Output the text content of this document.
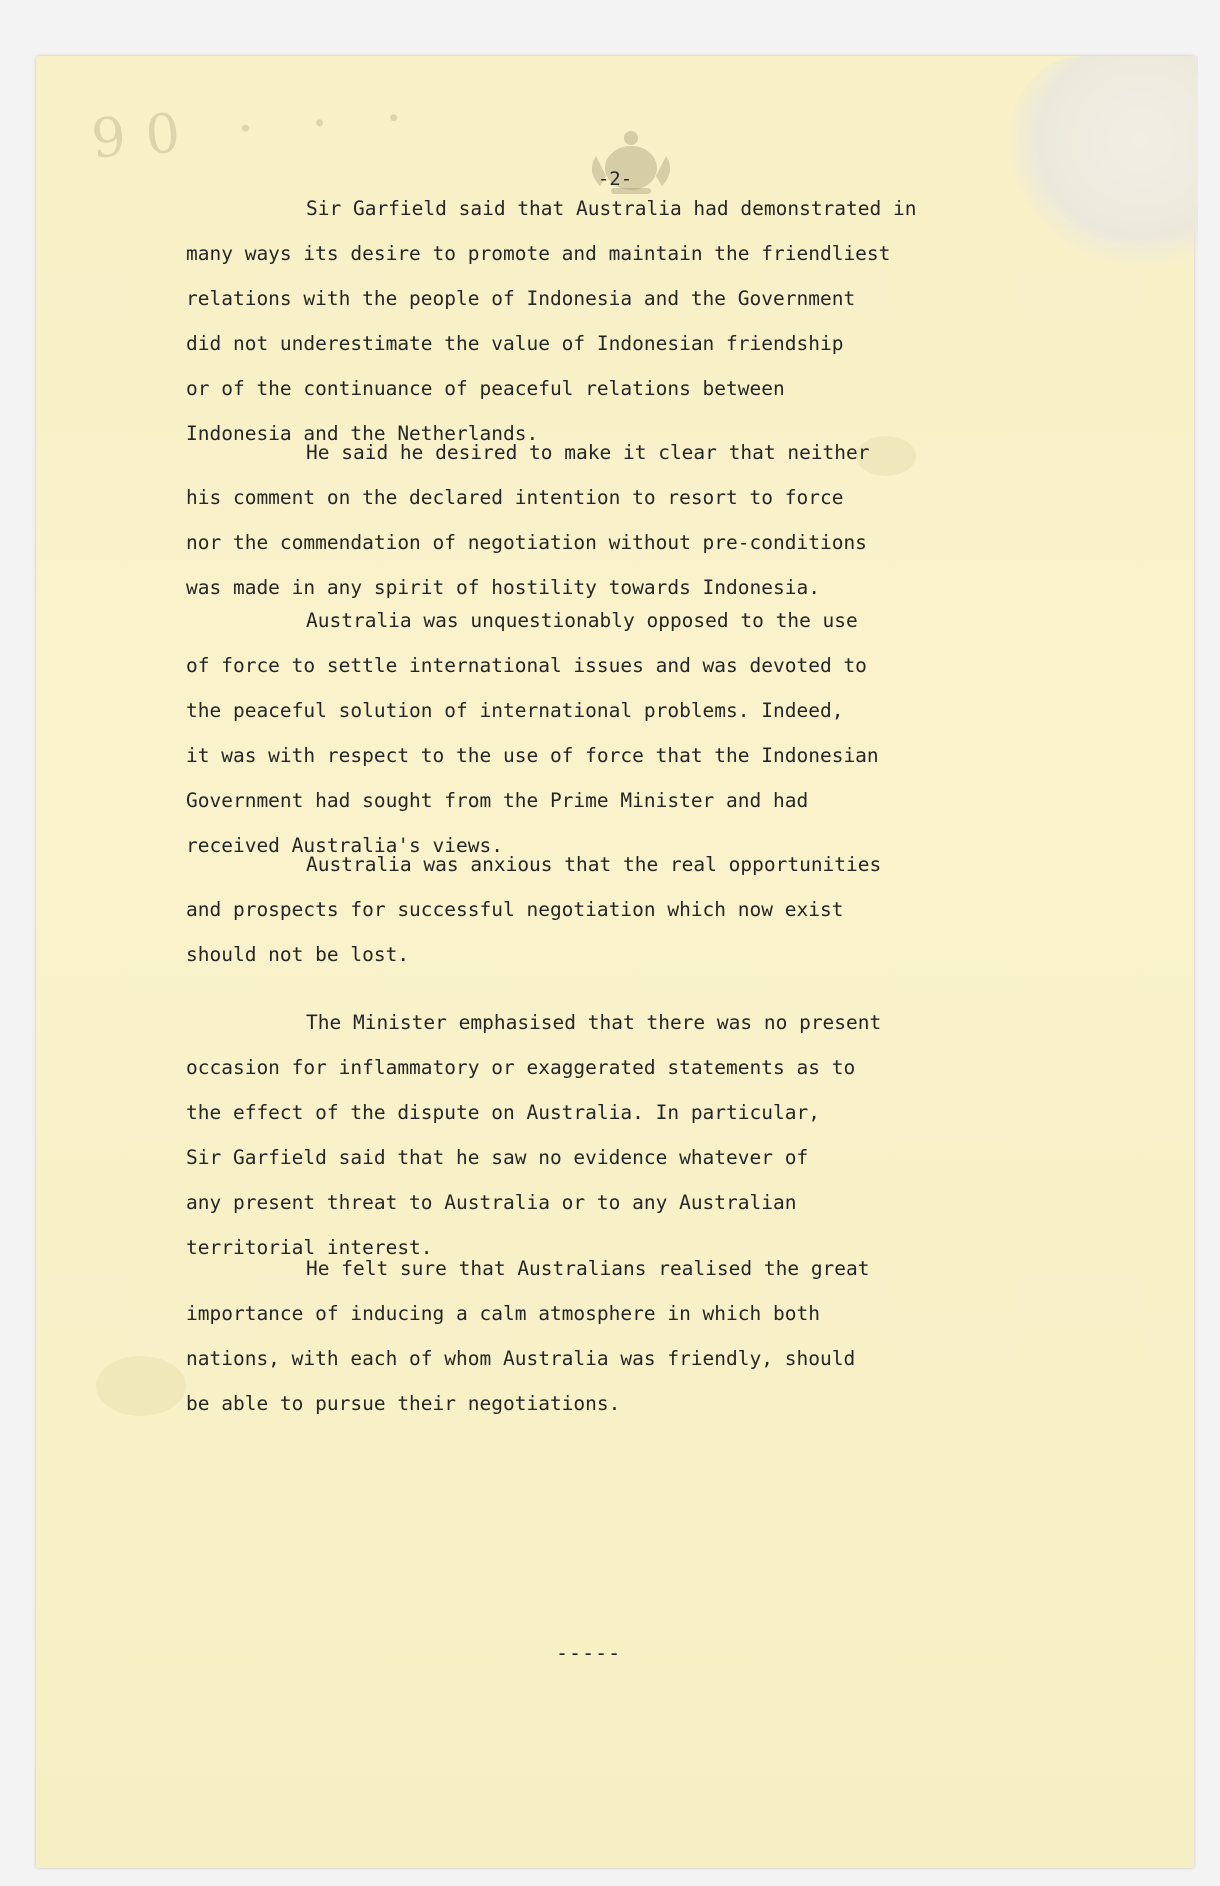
90 · · ·
-2-

Sir Garfield said that Australia had demonstrated in
many ways its desire to promote and maintain the friendliest
relations with the people of Indonesia and the Government
did not underestimate the value of Indonesian friendship
or of the continuance of peaceful relations between
Indonesia and the Netherlands.

He said he desired to make it clear that neither
his comment on the declared intention to resort to force
nor the commendation of negotiation without pre-conditions
was made in any spirit of hostility towards Indonesia.

Australia was unquestionably opposed to the use
of force to settle international issues and was devoted to
the peaceful solution of international problems. Indeed,
it was with respect to the use of force that the Indonesian
Government had sought from the Prime Minister and had
received Australia's views.

Australia was anxious that the real opportunities
and prospects for successful negotiation which now exist
should not be lost.

The Minister emphasised that there was no present
occasion for inflammatory or exaggerated statements as to
the effect of the dispute on Australia. In particular,
Sir Garfield said that he saw no evidence whatever of
any present threat to Australia or to any Australian
territorial interest.

He felt sure that Australians realised the great
importance of inducing a calm atmosphere in which both
nations, with each of whom Australia was friendly, should
be able to pursue their negotiations.

-----
